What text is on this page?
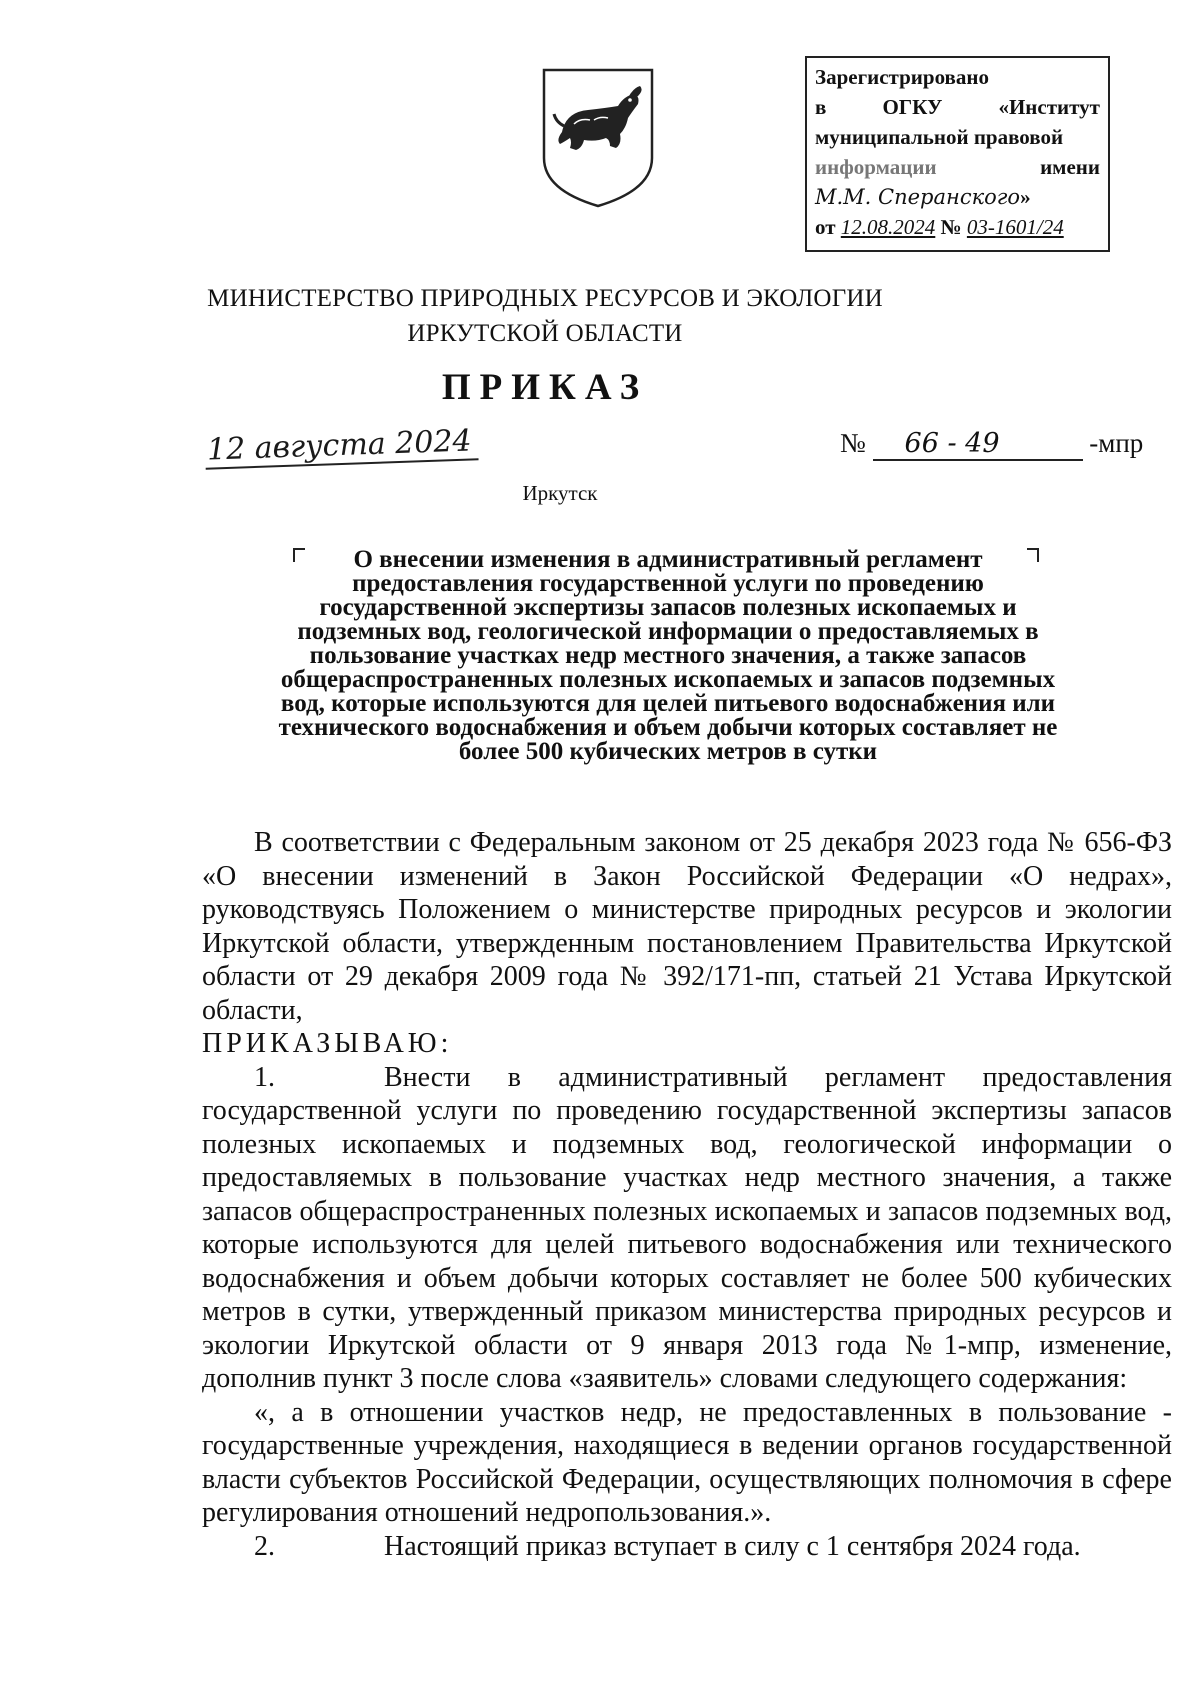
Зарегистрировано
в	ОГКУ	«Институт
муниципальной правовой
информации	имени
М.М. Сперанского»
от 12.08.2024 № 03-1601/24
МИНИСТЕРСТВО ПРИРОДНЫХ РЕСУРСОВ И ЭКОЛОГИИ
ИРКУТСКОЙ ОБЛАСТИ
ПРИКАЗ
12 августа 2024	№ 66 - 49	-мпр
Иркутск
О внесении изменения в административный регламент
предоставления государственной услуги по проведению
государственной экспертизы запасов полезных ископаемых и
подземных вод, геологической информации о предоставляемых в
пользование участках недр местного значения, а также запасов
общераспространенных полезных ископаемых и запасов подземных
вод, которые используются для целей питьевого водоснабжения или
технического водоснабжения и объем добычи которых составляет не
более 500 кубических метров в сутки

В соответствии с Федеральным законом от 25 декабря 2023 года № 656-ФЗ «О внесении изменений в Закон Российской Федерации «О недрах», руководствуясь Положением о министерстве природных ресурсов и экологии Иркутской области, утвержденным постановлением Правительства Иркутской области от 29 декабря 2009 года № 392/171-пп, статьей 21 Устава Иркутской области,

ПРИКАЗЫВАЮ:

1.	Внести в административный регламент предоставления государственной услуги по проведению государственной экспертизы запасов полезных ископаемых и подземных вод, геологической информации о предоставляемых в пользование участках недр местного значения, а также запасов общераспространенных полезных ископаемых и запасов подземных вод, которые используются для целей питьевого водоснабжения или технического водоснабжения и объем добычи которых составляет не более 500 кубических метров в сутки, утвержденный приказом министерства природных ресурсов и экологии Иркутской области от 9 января 2013 года №1-мпр, изменение, дополнив пункт 3 после слова «заявитель» словами следующего содержания:

«, а в отношении участков недр, не предоставленных в пользование - государственные учреждения, находящиеся в ведении органов государственной власти субъектов Российской Федерации, осуществляющих полномочия в сфере регулирования отношений недропользования.».

2.	Настоящий приказ вступает в силу с 1 сентября 2024 года.
